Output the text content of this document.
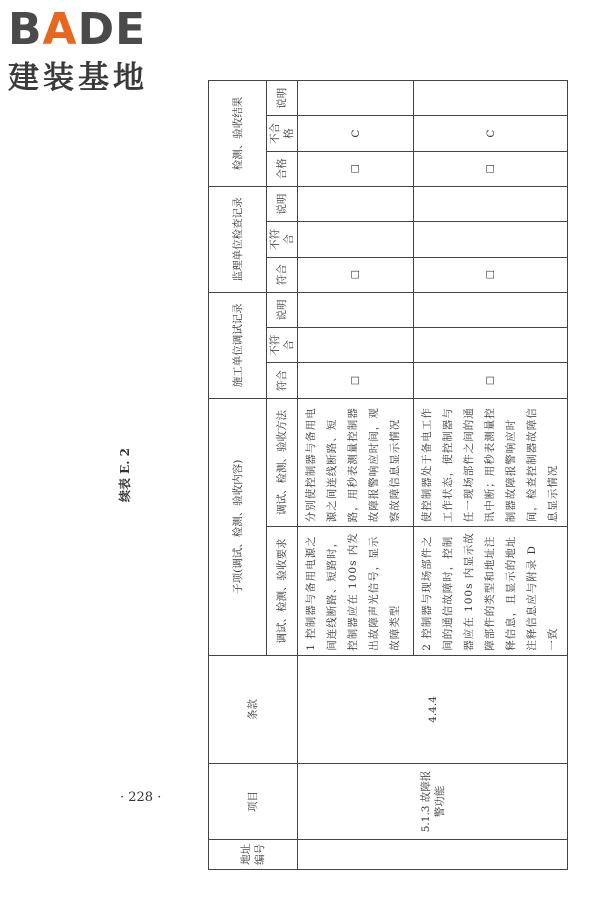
BADE
建装基地
续表 E. 2
地址编号	项目	条款	子项(调试、检测、验收内容)		施工单位调试记录			监理单位检查记录			检测、验收结果		
			调试、检测、验收要求	调试、检测、验收方法	符合	不符合	说明	符合	不符合	说明	合格	不合格	说明
	5.1.3 故障报警功能	4.4.4	1 控制器与备用电源之间连线断路、短路时，控制器应在 100s 内发出故障声光信号，显示故障类型	分别使控制器与备用电源之间连线断路、短路，用秒表测量控制器故障报警响应时间，观察故障信息显示情况	☐			☐			☐	C	
			2 控制器与现场部件之间的通信故障时，控制器应在 100s 内显示故障部件的类型和地址注释信息，且显示的地址注释信息应与附录 D 一致	使控制器处于备电工作工作状态，使控制器与任一现场部件之间的通讯中断；用秒表测量控制器故障报警响应时间，检查控制器故障信息显示情况	☐			☐			☐	C	
· 228 ·
